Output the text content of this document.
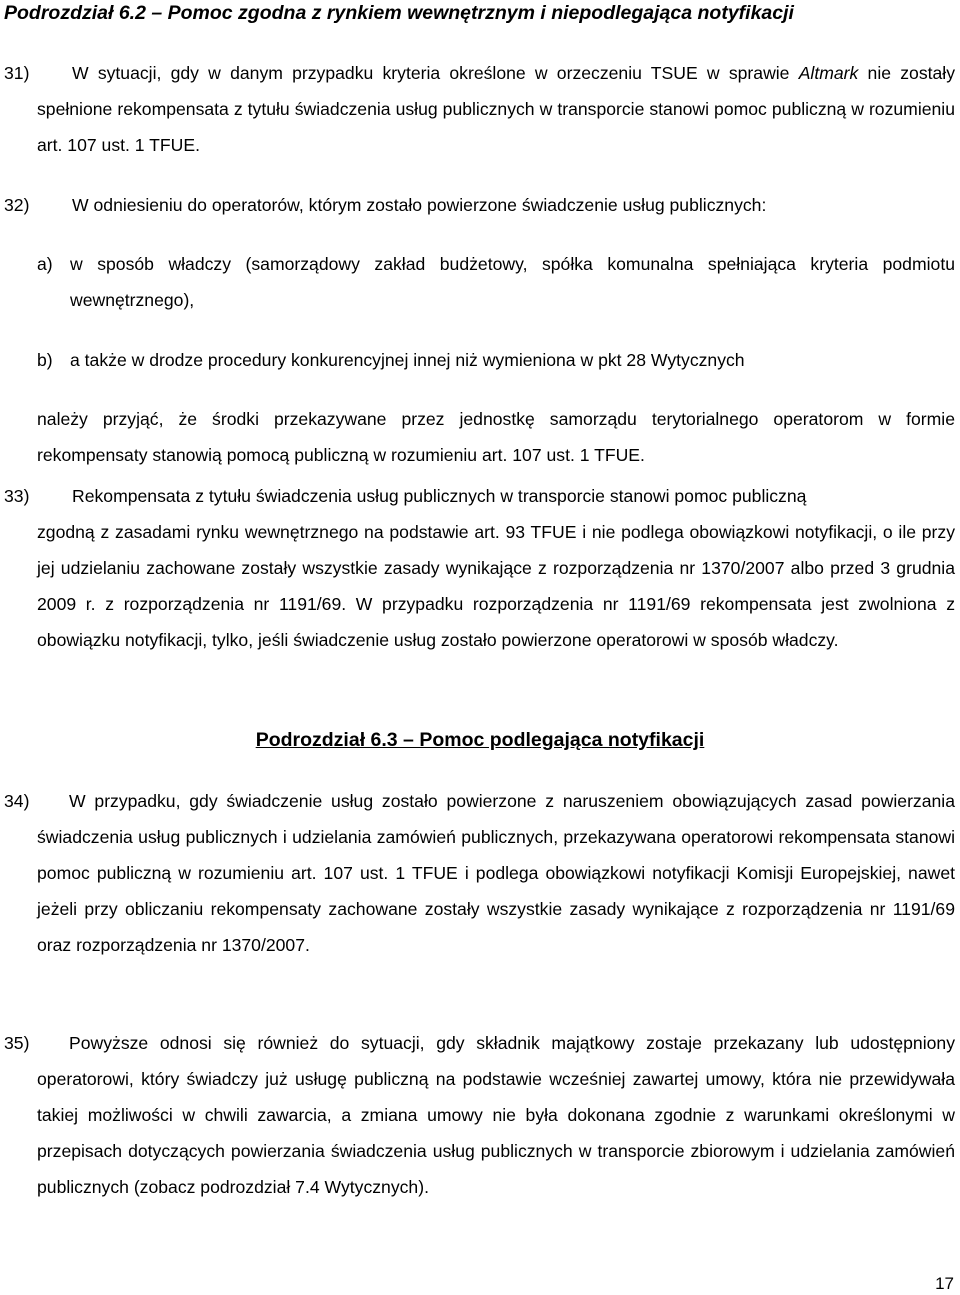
Podrozdział 6.2 – Pomoc zgodna z rynkiem wewnętrznym i niepodlegająca notyfikacji
31)	W sytuacji, gdy w danym przypadku kryteria określone w orzeczeniu TSUE w sprawie Altmark nie zostały spełnione rekompensata z tytułu świadczenia usług publicznych w transporcie stanowi pomoc publiczną w rozumieniu art. 107 ust. 1 TFUE.

32) W odniesieniu do operatorów, którym zostało powierzone świadczenie usług publicznych:

a) w sposób władczy (samorządowy zakład budżetowy, spółka komunalna spełniająca kryteria podmiotu wewnętrznego),

b) a także w drodze procedury konkurencyjnej innej niż wymieniona w pkt 28 Wytycznych

należy przyjąć, że środki przekazywane przez jednostkę samorządu terytorialnego operatorom w formie rekompensaty stanowią pomocą publiczną w rozumieniu art. 107 ust. 1 TFUE.

33) Rekompensata z tytułu świadczenia usług publicznych w transporcie stanowi pomoc publiczną

zgodną z zasadami rynku wewnętrznego na podstawie art. 93 TFUE i nie podlega obowiązkowi notyfikacji, o ile przy jej udzielaniu zachowane zostały wszystkie zasady wynikające z rozporządzenia nr 1370/2007 albo przed 3 grudnia 2009 r. z rozporządzenia nr 1191/69. W przypadku rozporządzenia nr 1191/69 rekompensata jest zwolniona z obowiązku notyfikacji, tylko, jeśli świadczenie usług zostało powierzone operatorowi w sposób władczy.

Podrozdział 6.3 – Pomoc podlegająca notyfikacji
34)	W przypadku, gdy świadczenie usług zostało powierzone z naruszeniem obowiązujących zasad powierzania świadczenia usług publicznych i udzielania zamówień publicznych, przekazywana operatorowi rekompensata stanowi pomoc publiczną w rozumieniu art. 107 ust. 1 TFUE i podlega obowiązkowi notyfikacji Komisji Europejskiej, nawet jeżeli przy obliczaniu rekompensaty zachowane zostały wszystkie zasady wynikające z rozporządzenia nr 1191/69 oraz rozporządzenia nr 1370/2007.

35)	Powyższe odnosi się również do sytuacji, gdy składnik majątkowy zostaje przekazany lub udostępniony operatorowi, który świadczy już usługę publiczną na podstawie wcześniej zawartej umowy, która nie przewidywała takiej możliwości w chwili zawarcia, a zmiana umowy nie była dokonana zgodnie z warunkami określonymi w przepisach dotyczących powierzania świadczenia usług publicznych w transporcie zbiorowym i udzielania zamówień publicznych (zobacz podrozdział 7.4 Wytycznych).

17
